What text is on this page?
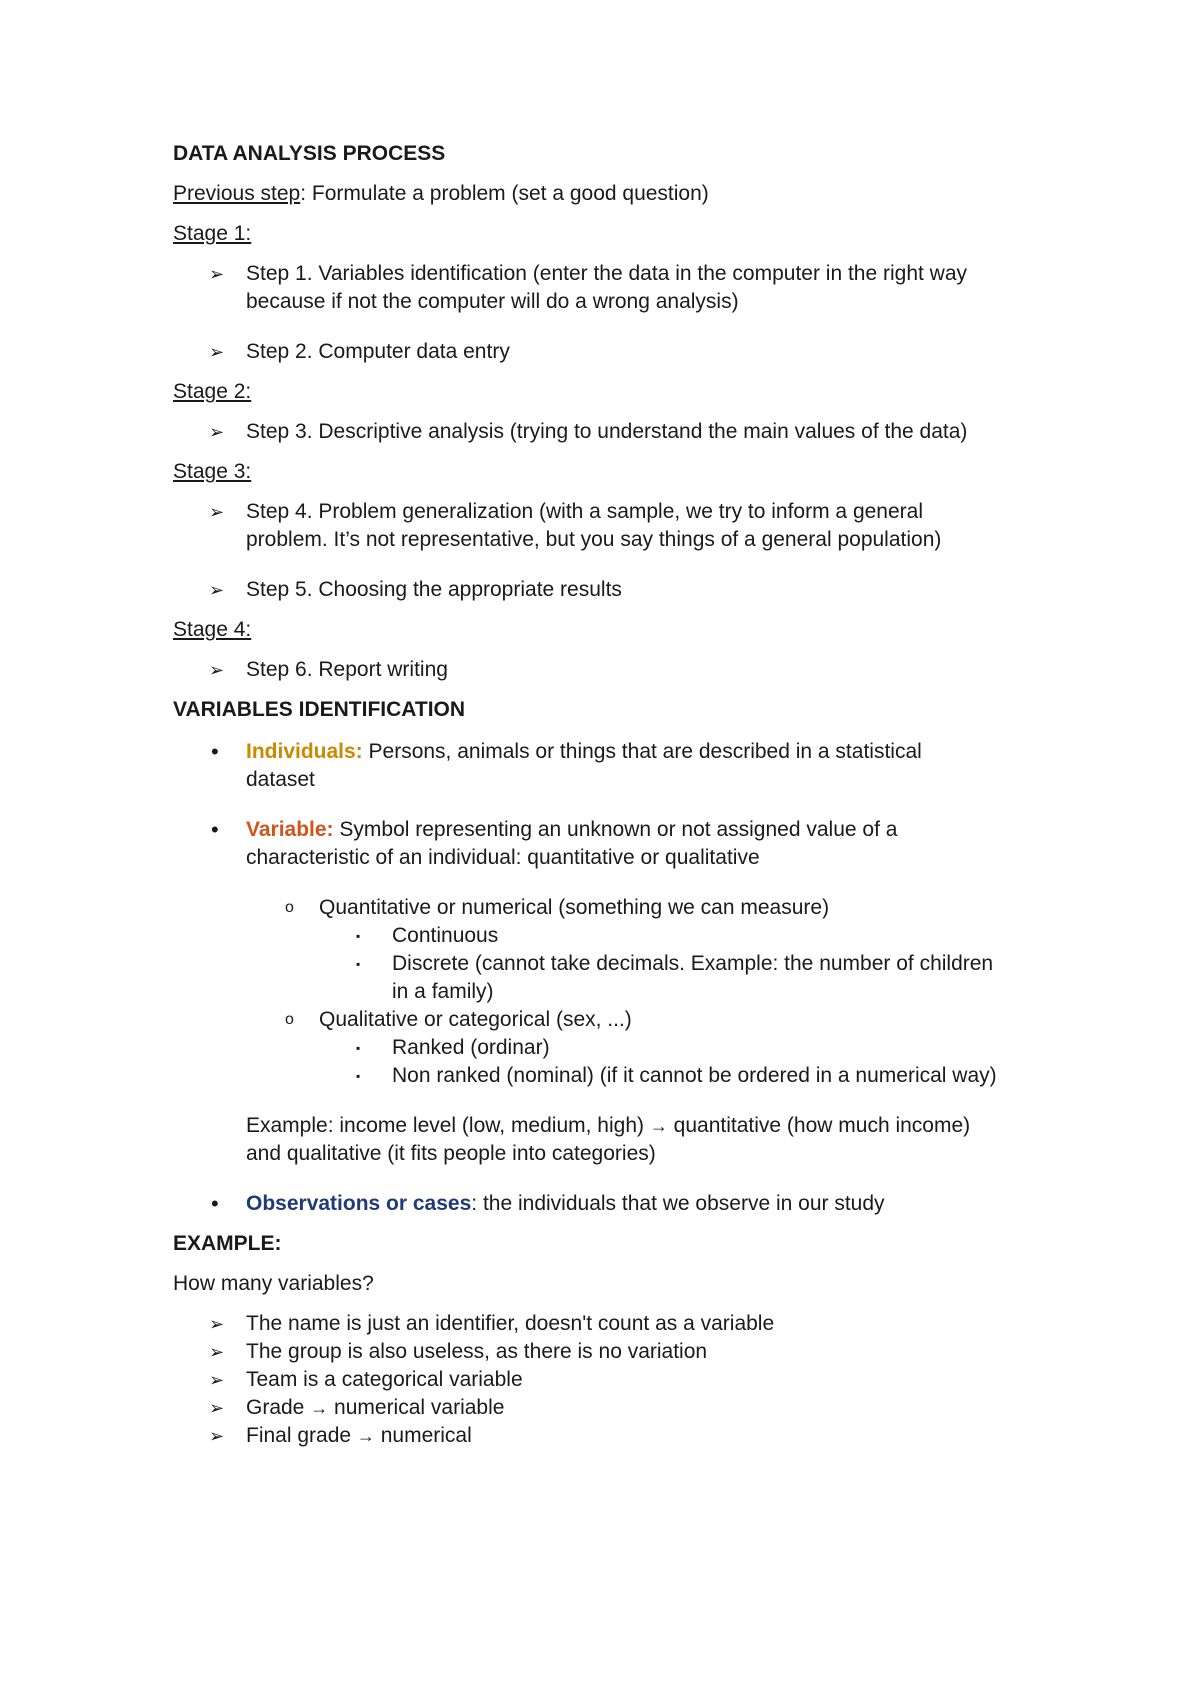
DATA ANALYSIS PROCESS

Previous step: Formulate a problem (set a good question)

Stage 1:

➢	Step 1. Variables identification (enter the data in the computer in the right way
because if not the computer will do a wrong analysis)
➢	Step 2. Computer data entry

Stage 2:

➢	Step 3. Descriptive analysis (trying to understand the main values of the data)

Stage 3:

➢	Step 4. Problem generalization (with a sample, we try to inform a general
problem. It’s not representative, but you say things of a general population)
➢	Step 5. Choosing the appropriate results

Stage 4:

➢	Step 6. Report writing

VARIABLES IDENTIFICATION

•	Individuals: Persons, animals or things that are described in a statistical
dataset
•	Variable: Symbol representing an unknown or not assigned value of a
characteristic of an individual: quantitative or qualitative
o	Quantitative or numerical (something we can measure)
▪	Continuous
▪	Discrete (cannot take decimals. Example: the number of children
in a family)
o	Qualitative or categorical (sex, ...)
▪	Ranked (ordinar)
▪	Non ranked (nominal) (if it cannot be ordered in a numerical way)
Example: income level (low, medium, high) → quantitative (how much income)
and qualitative (it fits people into categories)
•	Observations or cases: the individuals that we observe in our study

EXAMPLE:

How many variables?

➢	The name is just an identifier, doesn't count as a variable
➢	The group is also useless, as there is no variation
➢	Team is a categorical variable
➢	Grade → numerical variable
➢	Final grade → numerical
